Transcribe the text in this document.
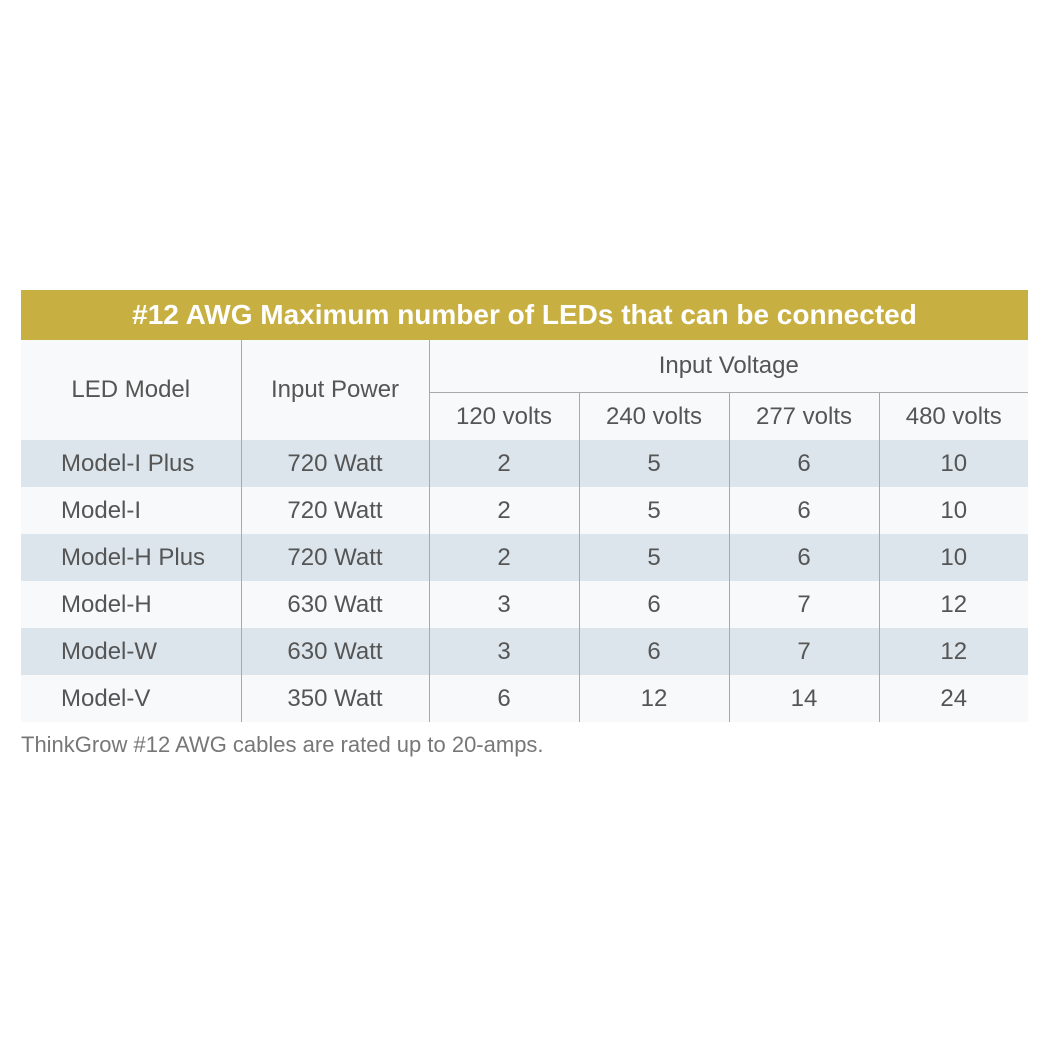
#12 AWG Maximum number of LEDs that can be connected
LED Model	Input Power	Input Voltage			
		120 volts	240 volts	277 volts	480 volts
Model-I Plus	720 Watt	2	5	6	10
Model-I	720 Watt	2	5	6	10
Model-H Plus	720 Watt	2	5	6	10
Model-H	630 Watt	3	6	7	12
Model-W	630 Watt	3	6	7	12
Model-V	350 Watt	6	12	14	24
ThinkGrow #12 AWG cables are rated up to 20-amps.
